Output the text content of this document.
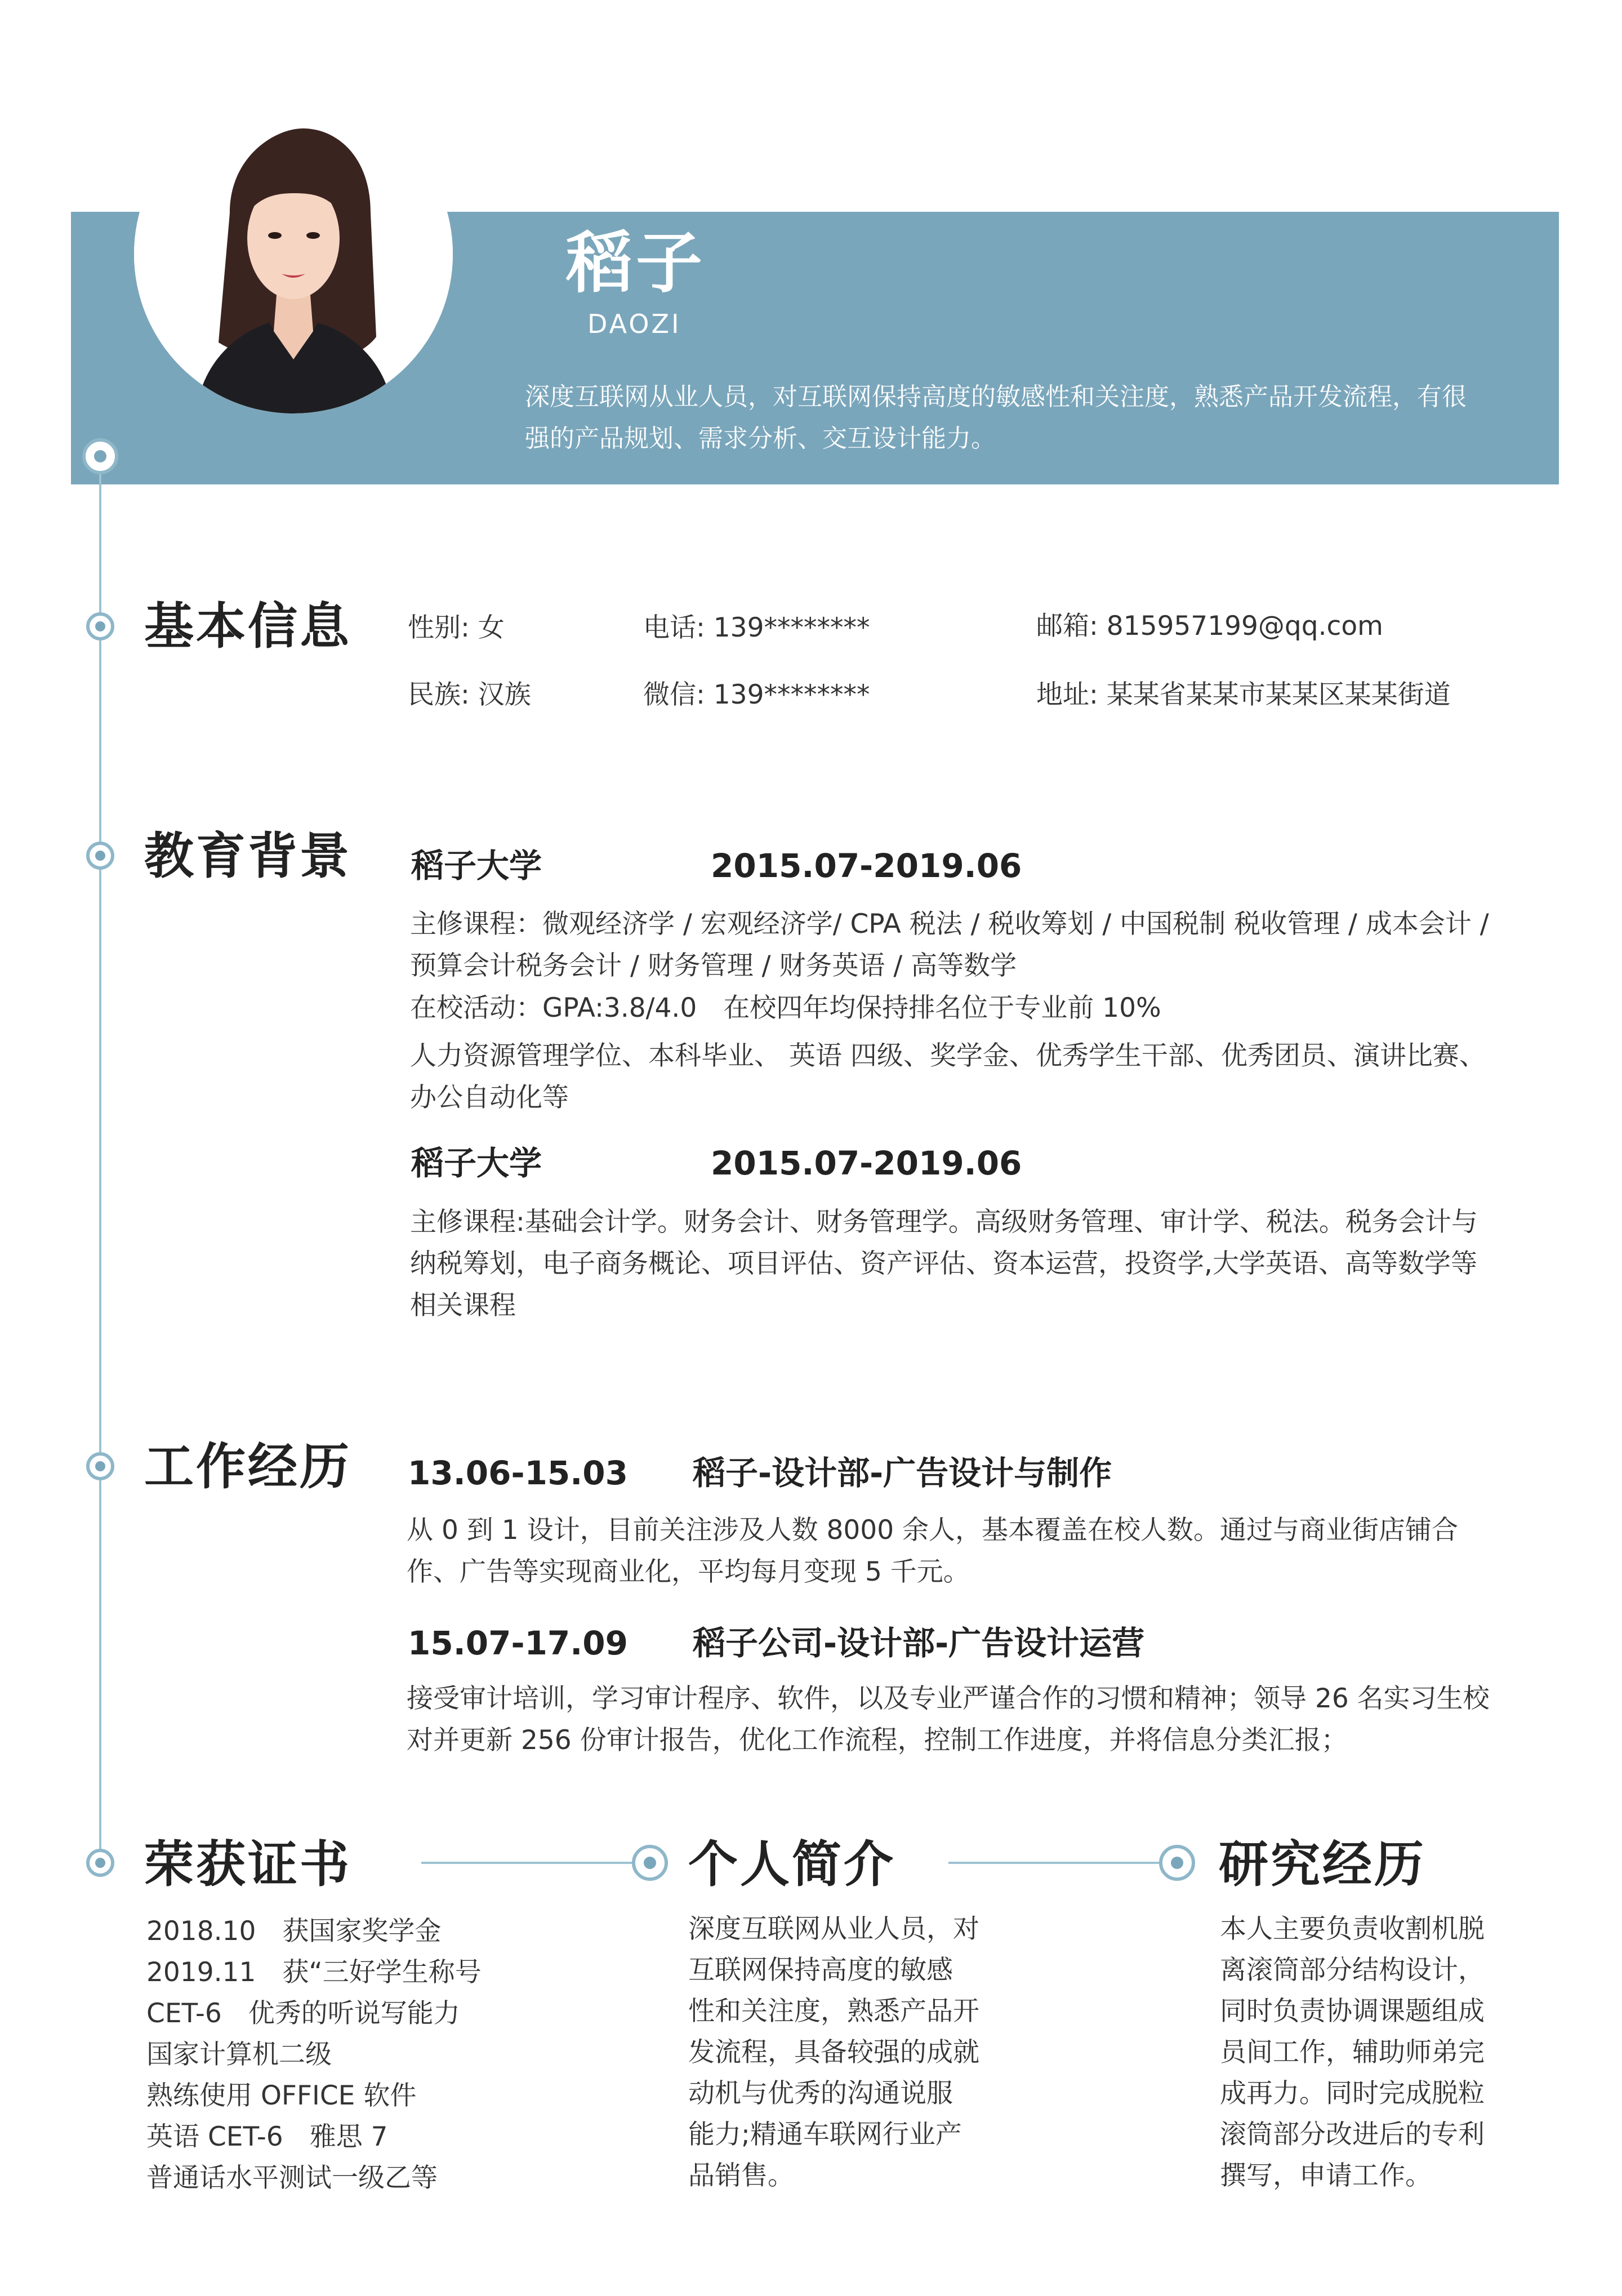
稻子
DAOZI
深度互联网从业人员，对互联网保持高度的敏感性和关注度，熟悉产品开发流程，有很强的产品规划、需求分析、交互设计能力。
基本信息 性别: 女	电话: 139********	邮箱: 815957199@qq.com
民族: 汉族	微信: 139********	地址: 某某省某某市某某区某某街道
教育背景 稻子大学	2015.07-2019.06
主修课程：微观经济学 / 宏观经济学/ CPA 税法 / 税收筹划 / 中国税制 税收管理 / 成本会计 / 预算会计税务会计 / 财务管理 / 财务英语 / 高等数学
在校活动：GPA:3.8/4.0　在校四年均保持排名位于专业前 10%
人力资源管理学位、本科毕业、 英语 四级、奖学金、优秀学生干部、优秀团员、演讲比赛、办公自动化等
稻子大学	2015.07-2019.06
主修课程:基础会计学。财务会计、财务管理学。高级财务管理、审计学、税法。税务会计与纳税筹划，电子商务概论、项目评估、资产评估、资本运营，投资学,大学英语、高等数学等相关课程
工作经历 13.06-15.03 稻子-设计部-广告设计与制作
从 0 到 1 设计，目前关注涉及人数 8000 余人，基本覆盖在校人数。通过与商业街店铺合作、广告等实现商业化，平均每月变现 5 千元。
15.07-17.09 稻子公司-设计部-广告设计运营
接受审计培训，学习审计程序、软件，以及专业严谨合作的习惯和精神；领导 26 名实习生校对并更新 256 份审计报告，优化工作流程，控制工作进度，并将信息分类汇报；
荣获证书	个人简介	研究经历
2018.10　获国家奖学金
2019.11　获“三好学生称号
CET-6　优秀的听说写能力
国家计算机二级
熟练使用 OFFICE 软件
英语 CET-6　雅思 7
普通话水平测试一级乙等
深度互联网从业人员，对
互联网保持高度的敏感
性和关注度，熟悉产品开
发流程，具备较强的成就
动机与优秀的沟通说服
能力;精通车联网行业产
品销售。
本人主要负责收割机脱
离滚筒部分结构设计，
同时负责协调课题组成
员间工作，辅助师弟完
成再力。同时完成脱粒
滚筒部分改进后的专利
撰写，申请工作。
